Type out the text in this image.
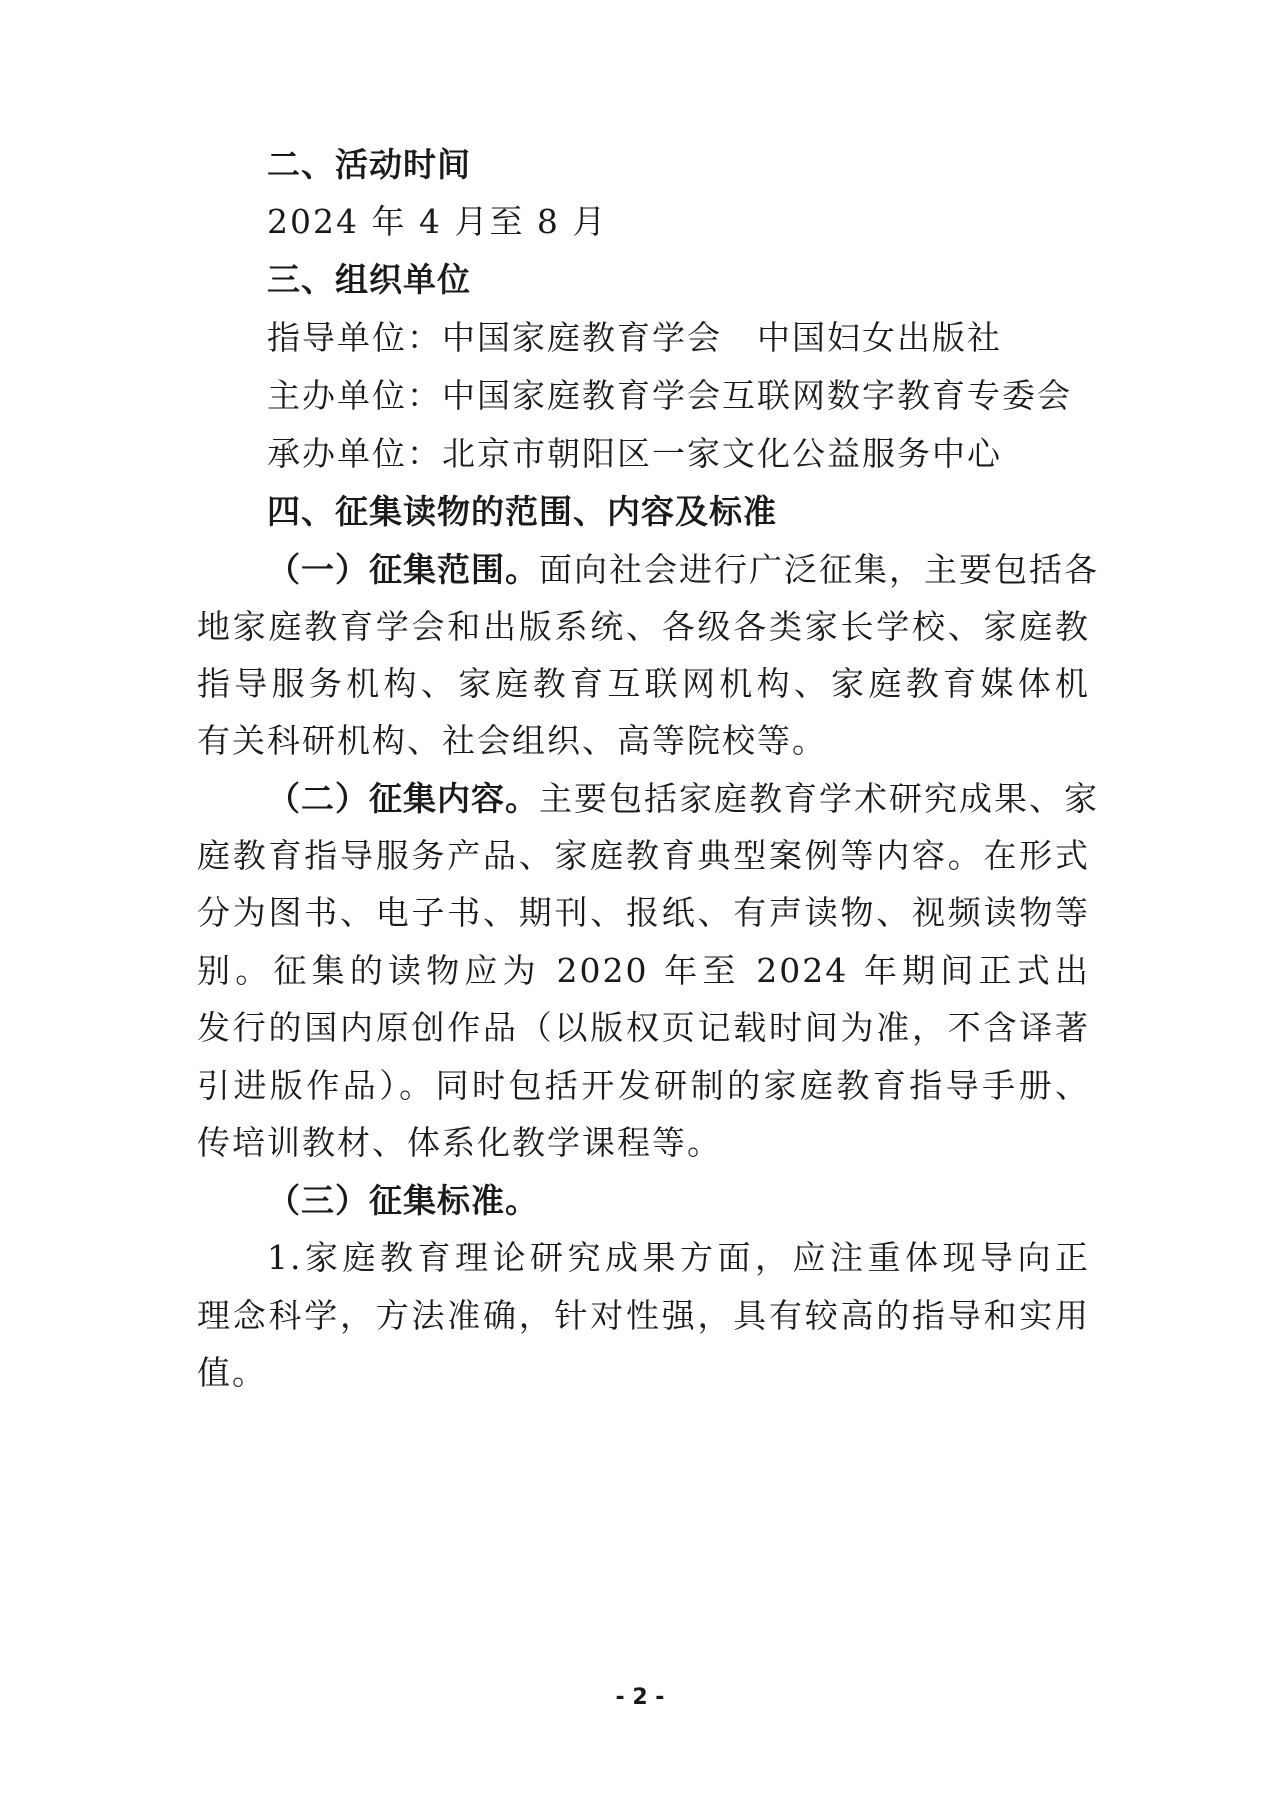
二、活动时间
2024 年 4 月至 8 月
三、组织单位
指导单位：中国家庭教育学会　中国妇女出版社
主办单位：中国家庭教育学会互联网数字教育专委会
承办单位：北京市朝阳区一家文化公益服务中心
四、征集读物的范围、内容及标准
（一）征集范围。面向社会进行广泛征集，主要包括各
地家庭教育学会和出版系统、各级各类家长学校、家庭教
指导服务机构、家庭教育互联网机构、家庭教育媒体机
有关科研机构、社会组织、高等院校等。
（二）征集内容。主要包括家庭教育学术研究成果、家
庭教育指导服务产品、家庭教育典型案例等内容。在形式
分为图书、电子书、期刊、报纸、有声读物、视频读物等
别。征集的读物应为 2020 年至 2024 年期间正式出
发行的国内原创作品（以版权页记载时间为准，不含译著
引进版作品）。同时包括开发研制的家庭教育指导手册、
传培训教材、体系化教学课程等。
（三）征集标准。
1.家庭教育理论研究成果方面，应注重体现导向正
理念科学，方法准确，针对性强，具有较高的指导和实用
值。
- 2 -
